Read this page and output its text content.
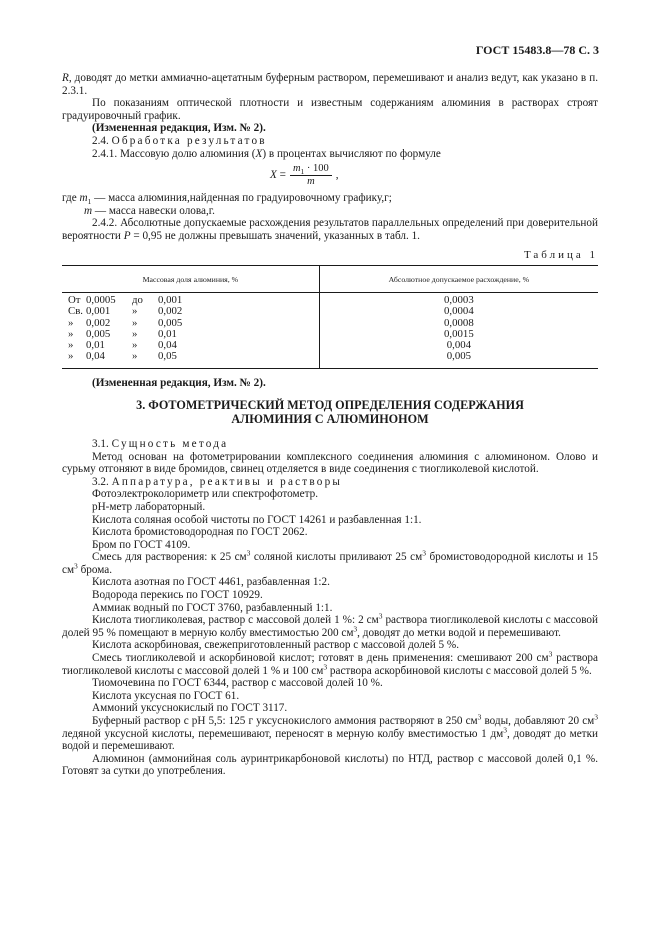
ГОСТ 15483.8—78 С. 3

R, доводят до метки аммиачно-ацетатным буферным раствором, перемешивают и анализ ведут, как указано в п. 2.3.1.

По показаниям оптической плотности и известным содержаниям алюминия в растворах строят градуировочный график.

(Измененная редакция, Изм. № 2).

2.4. Обработка результатов

2.4.1. Массовую долю алюминия (X) в процентах вычисляют по формуле

X
= $\frac{m_1 \cdot 100}{m}$ ,

где $m_1$ — масса алюминия,найденная по градуировочному графику,г;

m — масса навески олова,г.

2.4.2. Абсолютные допускаемые расхождения результатов параллельных определений при доверительной вероятности P = 0,95 не должны превышать значений, указанных в табл. 1.

Таблица 1
Массовая доля алюминия, %	Абсолютное допускаемое расхождение, %
От 0,0005 до 0,001	0,0003
Св. 0,001 » 0,002	0,0004
» 0,002 » 0,005	0,0008
» 0,005 » 0,01	0,0015
» 0,01 » 0,04	0,004
» 0,04 » 0,05	0,005

(Измененная редакция, Изм. № 2).

3. ФОТОМЕТРИЧЕСКИЙ МЕТОД ОПРЕДЕЛЕНИЯ СОДЕРЖАНИЯ
АЛЮМИНИЯ С АЛЮМИНОНОМ

3.1. Сущность метода

Метод основан на фотометрировании комплексного соединения алюминия с алюминоном. Олово и сурьму отгоняют в виде бромидов, свинец отделяется в виде соединения с тиогликолевой кислотой.

3.2. Аппаратура, реактивы и растворы

Фотоэлектроколориметр или спектрофотометр.

pH-метр лабораторный.

Кислота соляная особой чистоты по ГОСТ 14261 и разбавленная 1:1.

Кислота бромистоводородная по ГОСТ 2062.

Бром по ГОСТ 4109.

Смесь для растворения: к 25 $см^3$ соляной кислоты приливают 25 $см^3$ бромистоводородной кислоты и 15 $см^3$ брома.

Кислота азотная по ГОСТ 4461, разбавленная 1:2.

Водорода перекись по ГОСТ 10929.

Аммиак водный по ГОСТ 3760, разбавленный 1:1.

Кислота тиогликолевая, раствор с массовой долей 1 %: 2 $см^3$ раствора тиогликолевой кислоты с массовой долей 95 % помещают в мерную колбу вместимостью 200 $см^3$, доводят до метки водой и перемешивают.

Кислота аскорбиновая, свежеприготовленный раствор с массовой долей 5 %.

Смесь тиогликолевой и аскорбиновой кислот; готовят в день применения: смешивают 200 $см^3$ раствора тиогликолевой кислоты с массовой долей 1 % и 100 $см^3$ раствора аскорбиновой кислоты с массовой долей 5 %.

Тиомочевина по ГОСТ 6344, раствор с массовой долей 10 %.

Кислота уксусная по ГОСТ 61.

Аммоний уксуснокислый по ГОСТ 3117.

Буферный раствор с pH 5,5: 125 г уксуснокислого аммония растворяют в 250 $см^3$ воды, добавляют 20 $см^3$ ледяной уксусной кислоты, перемешивают, переносят в мерную колбу вместимостью 1 $дм^3$, доводят до метки водой и перемешивают.

Алюминон (аммонийная соль ауринтрикарбоновой кислоты) по НТД, раствор с массовой долей 0,1 %. Готовят за сутки до употребления.
